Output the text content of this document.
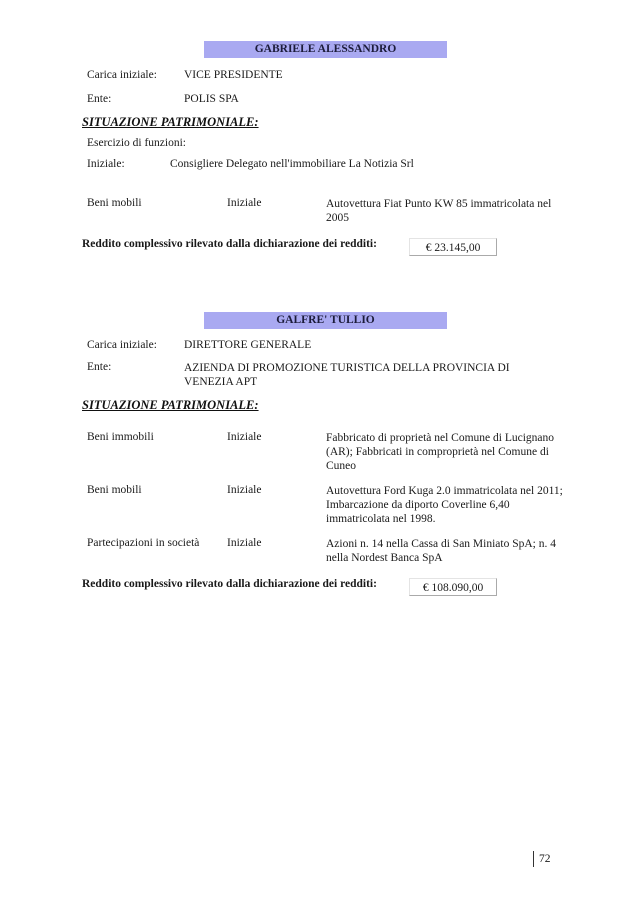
GABRIELE ALESSANDRO
Carica iniziale: VICE PRESIDENTE
Ente:	POLIS SPA
SITUAZIONE PATRIMONIALE:
Esercizio di funzioni:
Iniziale:	Consigliere Delegato nell'immobiliare La Notizia Srl
Beni mobili	Iniziale	Autovettura Fiat Punto KW 85 immatricolata nel 2005
Reddito complessivo rilevato dalla dichiarazione dei redditi:	€ 23.145,00
GALFRE' TULLIO
Carica iniziale: DIRETTORE GENERALE
Ente:	AZIENDA DI PROMOZIONE TURISTICA DELLA PROVINCIA DI VENEZIA APT
SITUAZIONE PATRIMONIALE:
Beni immobili	Iniziale	Fabbricato di proprietà nel Comune di Lucignano (AR); Fabbricati in comproprietà nel Comune di Cuneo
Beni mobili	Iniziale	Autovettura Ford Kuga 2.0 immatricolata nel 2011; Imbarcazione da diporto Coverline 6,40 immatricolata nel 1998.
Partecipazioni in società Iniziale	Azioni n. 14 nella Cassa di San Miniato SpA; n. 4 nella Nordest Banca SpA
Reddito complessivo rilevato dalla dichiarazione dei redditi:	€ 108.090,00
72
